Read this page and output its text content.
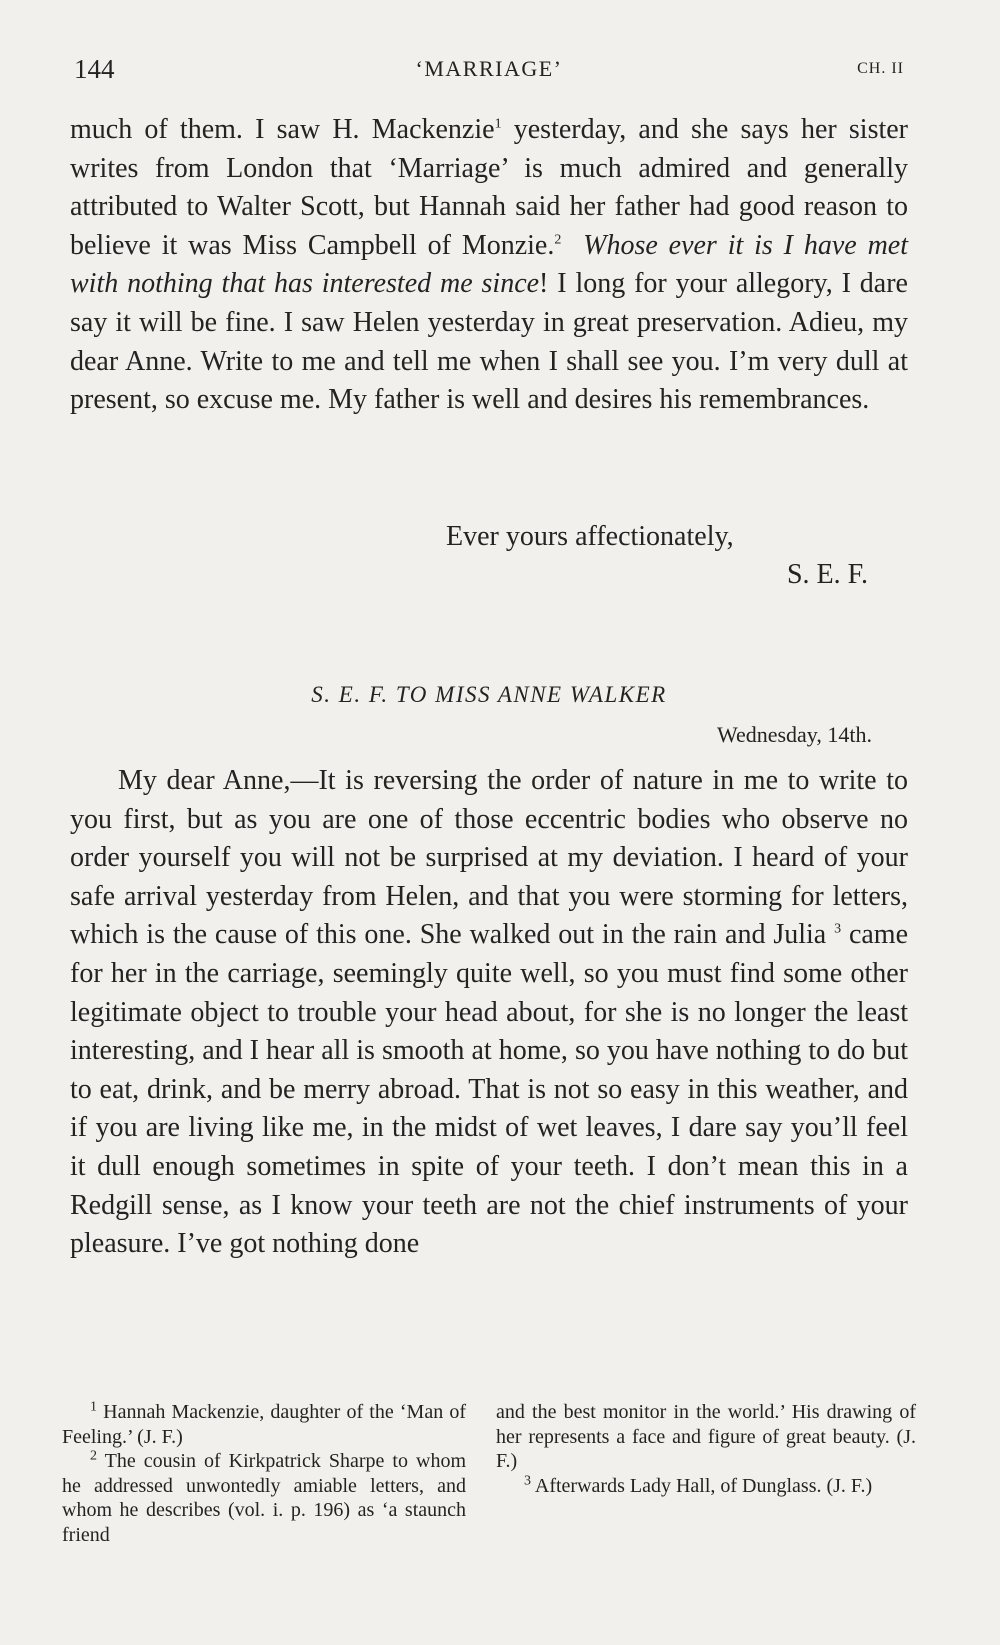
144	‘MARRIAGE’	CH. II

much of them. I saw H. Mackenzie$^1$ yesterday, and she says her sister writes from London that ‘Marriage’ is much admired and generally attributed to Walter Scott, but Hannah said her father had good reason to believe it was Miss Campbell of Monzie.$^2$ Whose ever it is I have met with nothing that has interested me since! I long for your allegory, I dare say it will be fine. I saw Helen yesterday in great preservation. Adieu, my dear Anne. Write to me and tell me when I shall see you. I’m very dull at present, so excuse me. My father is well and desires his remembrances.

Ever yours affectionately,
S. E. F.
S. E. F. TO MISS ANNE WALKER
Wednesday, 14th.

My dear Anne,—It is reversing the order of nature in me to write to you first, but as you are one of those eccentric bodies who observe no order yourself you will not be surprised at my deviation. I heard of your safe arrival yesterday from Helen, and that you were storming for letters, which is the cause of this one. She walked out in the rain and Julia $^3$ came for her in the carriage, seemingly quite well, so you must find some other legitimate object to trouble your head about, for she is no longer the least interesting, and I hear all is smooth at home, so you have nothing to do but to eat, drink, and be merry abroad. That is not so easy in this weather, and if you are living like me, in the midst of wet leaves, I dare say you’ll feel it dull enough sometimes in spite of your teeth. I don’t mean this in a Redgill sense, as I know your teeth are not the chief instruments of your pleasure. I’ve got nothing done

$^1$ Hannah Mackenzie, daughter of the ‘Man of Feeling.’ (J. F.)

$^2$ The cousin of Kirkpatrick Sharpe to whom he addressed unwontedly amiable letters, and whom he describes (vol. i. p. 196) as ‘a staunch friend

and the best monitor in the world.’ His drawing of her represents a face and figure of great beauty. (J. F.)

$^3$ Afterwards Lady Hall, of Dunglass. (J. F.)
